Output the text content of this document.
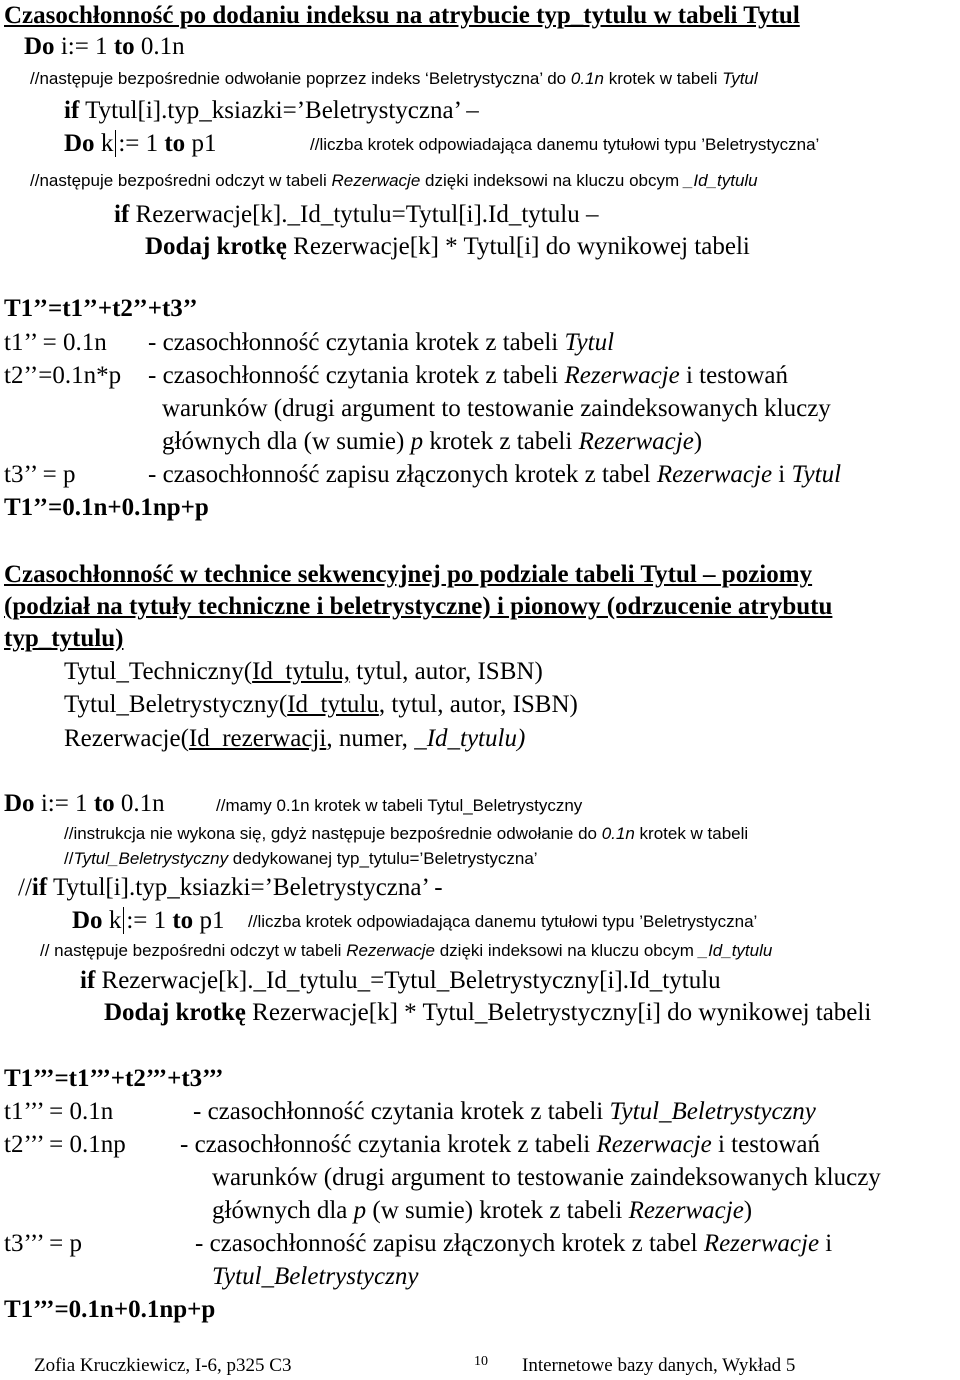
Czasochłonność po dodaniu indeksu na atrybucie typ_tytulu w tabeli Tytul
Do i:= 1 to 0.1n
//następuje bezpośrednie odwołanie poprzez indeks ‘Beletrystyczna’ do 0.1n krotek w tabeli Tytul
if Tytul[i].typ_ksiazki=’Beletrystyczna’ –
Do k := 1 to p1	//liczba krotek odpowiadająca danemu tytułowi typu ’Beletrystyczna’
//następuje bezpośredni odczyt w tabeli Rezerwacje dzięki indeksowi na kluczu obcym _Id_tytulu
if Rezerwacje[k]._Id_tytulu=Tytul[i].Id_tytulu –
Dodaj krotkę Rezerwacje[k] * Tytul[i] do wynikowej tabeli
T1’’=t1’’+t2’’+t3’’
t1’’ = 0.1n - czasochłonność czytania krotek z tabeli Tytul
t2’’=0.1n*p - czasochłonność czytania krotek z tabeli Rezerwacje i testowań
warunków (drugi argument to testowanie zaindeksowanych kluczy
głównych dla (w sumie) p krotek z tabeli Rezerwacje)
t3’’ = p	- czasochłonność zapisu złączonych krotek z tabel Rezerwacje i Tytul
T1’’=0.1n+0.1np+p
Czasochłonność w technice sekwencyjnej po podziale tabeli Tytul – poziomy
(podział na tytuły techniczne i beletrystyczne) i pionowy (odrzucenie atrybutu
typ_tytulu)
Tytul_Techniczny(Id_tytulu, tytul, autor, ISBN)
Tytul_Beletrystyczny(Id_tytulu, tytul, autor, ISBN)
Rezerwacje(Id_rezerwacji, numer, _Id_tytulu)
Do i:= 1 to 0.1n	//mamy 0.1n krotek w tabeli Tytul_Beletrystyczny
//instrukcja nie wykona się, gdyż następuje bezpośrednie odwołanie do 0.1n krotek w tabeli
//Tytul_Beletrystyczny dedykowanej typ_tytulu=’Beletrystyczna’
//if Tytul[i].typ_ksiazki=’Beletrystyczna’ -
Do k := 1 to p1 //liczba krotek odpowiadająca danemu tytułowi typu ’Beletrystyczna’
// następuje bezpośredni odczyt w tabeli Rezerwacje dzięki indeksowi na kluczu obcym _Id_tytulu
if Rezerwacje[k]._Id_tytulu_=Tytul_Beletrystyczny[i].Id_tytulu
Dodaj krotkę Rezerwacje[k] * Tytul_Beletrystyczny[i] do wynikowej tabeli
T1’’’=t1’’’+t2’’’+t3’’’
t1’’’ = 0.1n	- czasochłonność czytania krotek z tabeli Tytul_Beletrystyczny
t2’’’ = 0.1np - czasochłonność czytania krotek z tabeli Rezerwacje i testowań
warunków (drugi argument to testowanie zaindeksowanych kluczy
głównych dla p (w sumie) krotek z tabeli Rezerwacje)
t3’’’ = p	- czasochłonność zapisu złączonych krotek z tabel Rezerwacje i
Tytul_Beletrystyczny
T1’’’=0.1n+0.1np+p
Zofia Kruczkiewicz, I-6, p325 C3	10 Internetowe bazy danych, Wykład 5
